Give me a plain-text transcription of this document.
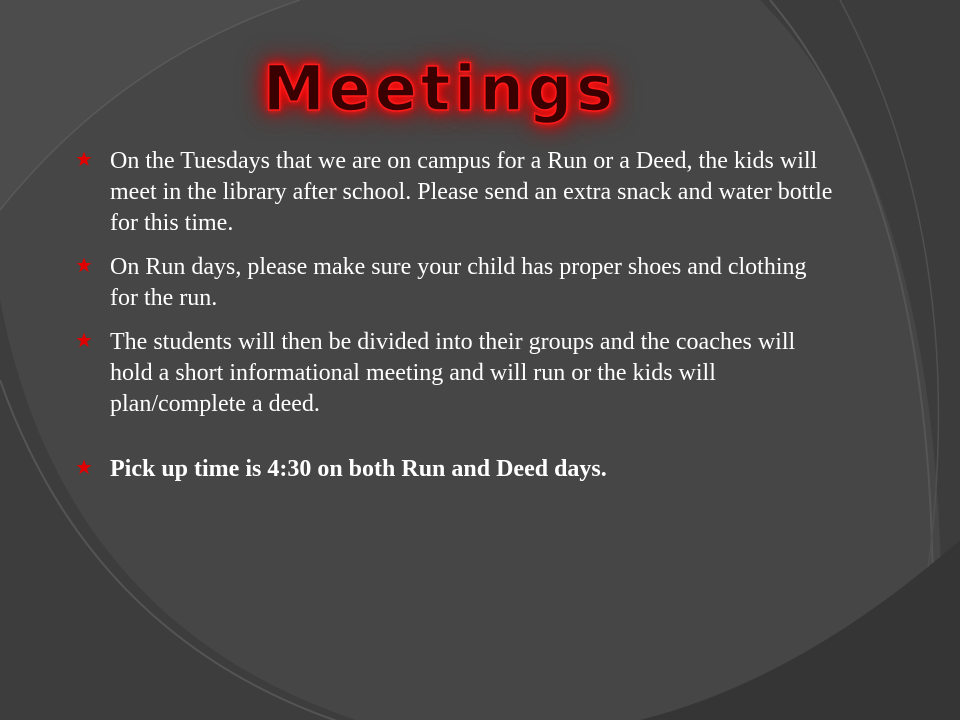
Meetings
On the Tuesdays that we are on campus for a Run or a Deed, the kids will meet in the library after school. Please send an extra snack and water bottle for this time.
On Run days, please make sure your child has proper shoes and clothing for the run.
The students will then be divided into their groups and the coaches will hold a short informational meeting and will run or the kids will plan/complete a deed.
Pick up time is 4:30 on both Run and Deed days.
